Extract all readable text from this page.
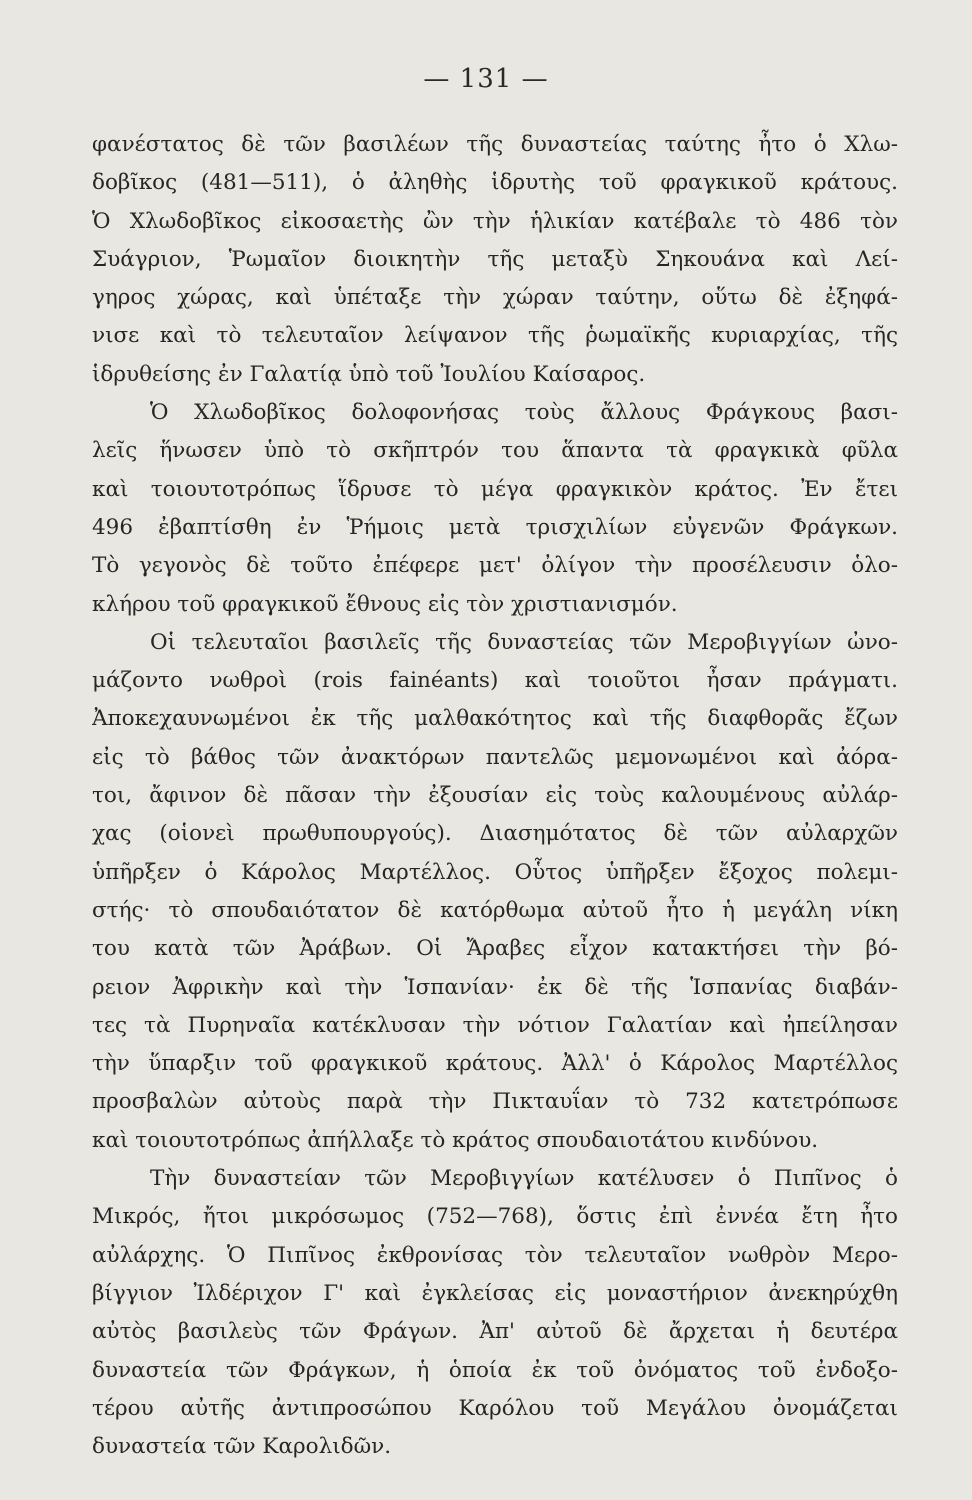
— 131 —
φανέστατος δὲ τῶν βασιλέων τῆς δυναστείας ταύτης ἦτο ὁ Χλω-
δοβῖκος (481—511), ὁ ἀληθὴς ἱδρυτὴς τοῦ φραγκικοῦ κράτους.
Ὁ Χλωδοβῖκος εἰκοσαετὴς ὢν τὴν ἡλικίαν κατέβαλε τὸ 486 τὸν
Συάγριον, Ῥωμαῖον διοικητὴν τῆς μεταξὺ Σηκουάνα καὶ Λεί-
γηρος χώρας, καὶ ὑπέταξε τὴν χώραν ταύτην, οὕτω δὲ ἐξηφά-
νισε καὶ τὸ τελευταῖον λείψανον τῆς ῥωμαϊκῆς κυριαρχίας, τῆς
ἱδρυθείσης ἐν Γαλατίᾳ ὑπὸ τοῦ Ἰουλίου Καίσαρος.
Ὁ Χλωδοβῖκος δολοφονήσας τοὺς ἄλλους Φράγκους βασι-
λεῖς ἥνωσεν ὑπὸ τὸ σκῆπτρόν του ἅπαντα τὰ φραγκικὰ φῦλα
καὶ τοιουτοτρόπως ἵδρυσε τὸ μέγα φραγκικὸν κράτος. Ἐν ἔτει
496 ἐβαπτίσθη ἐν Ῥήμοις μετὰ τρισχιλίων εὐγενῶν Φράγκων.
Τὸ γεγονὸς δὲ τοῦτο ἐπέφερε μετ' ὀλίγον τὴν προσέλευσιν ὁλο-
κλήρου τοῦ φραγκικοῦ ἔθνους εἰς τὸν χριστιανισμόν.
Οἱ τελευταῖοι βασιλεῖς τῆς δυναστείας τῶν Μεροβιγγίων ὠνο-
μάζοντο νωθροὶ (rois fainéants) καὶ τοιοῦτοι ἦσαν πράγματι.
Ἀποκεχαυνωμένοι ἐκ τῆς μαλθακότητος καὶ τῆς διαφθορᾶς ἔζων
εἰς τὸ βάθος τῶν ἀνακτόρων παντελῶς μεμονωμένοι καὶ ἀόρα-
τοι, ἄφινον δὲ πᾶσαν τὴν ἐξουσίαν εἰς τοὺς καλουμένους αὐλάρ-
χας (οἱονεὶ πρωθυπουργούς). Διασημότατος δὲ τῶν αὐλαρχῶν
ὑπῆρξεν ὁ Κάρολος Μαρτέλλος. Οὗτος ὑπῆρξεν ἔξοχος πολεμι-
στής· τὸ σπουδαιότατον δὲ κατόρθωμα αὐτοῦ ἦτο ἡ μεγάλη νίκη
του κατὰ τῶν Ἀράβων. Οἱ Ἄραβες εἶχον κατακτήσει τὴν βό-
ρειον Ἀφρικὴν καὶ τὴν Ἱσπανίαν· ἐκ δὲ τῆς Ἱσπανίας διαβάν-
τες τὰ Πυρηναῖα κατέκλυσαν τὴν νότιον Γαλατίαν καὶ ἠπείλησαν
τὴν ὕπαρξιν τοῦ φραγκικοῦ κράτους. Ἀλλ' ὁ Κάρολος Μαρτέλλος
προσβαλὼν αὐτοὺς παρὰ τὴν Πικταυΐαν τὸ 732 κατετρόπωσε
καὶ τοιουτοτρόπως ἀπήλλαξε τὸ κράτος σπουδαιοτάτου κινδύνου.
Τὴν δυναστείαν τῶν Μεροβιγγίων κατέλυσεν ὁ Πιπῖνος ὁ
Μικρός, ἤτοι μικρόσωμος (752—768), ὅστις ἐπὶ ἐννέα ἔτη ἦτο
αὐλάρχης. Ὁ Πιπῖνος ἐκθρονίσας τὸν τελευταῖον νωθρὸν Μερο-
βίγγιον Ἰλδέριχον Γ' καὶ ἐγκλείσας εἰς μοναστήριον ἀνεκηρύχθη
αὐτὸς βασιλεὺς τῶν Φράγων. Ἀπ' αὐτοῦ δὲ ἄρχεται ἡ δευτέρα
δυναστεία τῶν Φράγκων, ἡ ὁποία ἐκ τοῦ ὀνόματος τοῦ ἐνδοξο-
τέρου αὐτῆς ἀντιπροσώπου Καρόλου τοῦ Μεγάλου ὀνομάζεται
δυναστεία τῶν Καρολιδῶν.
